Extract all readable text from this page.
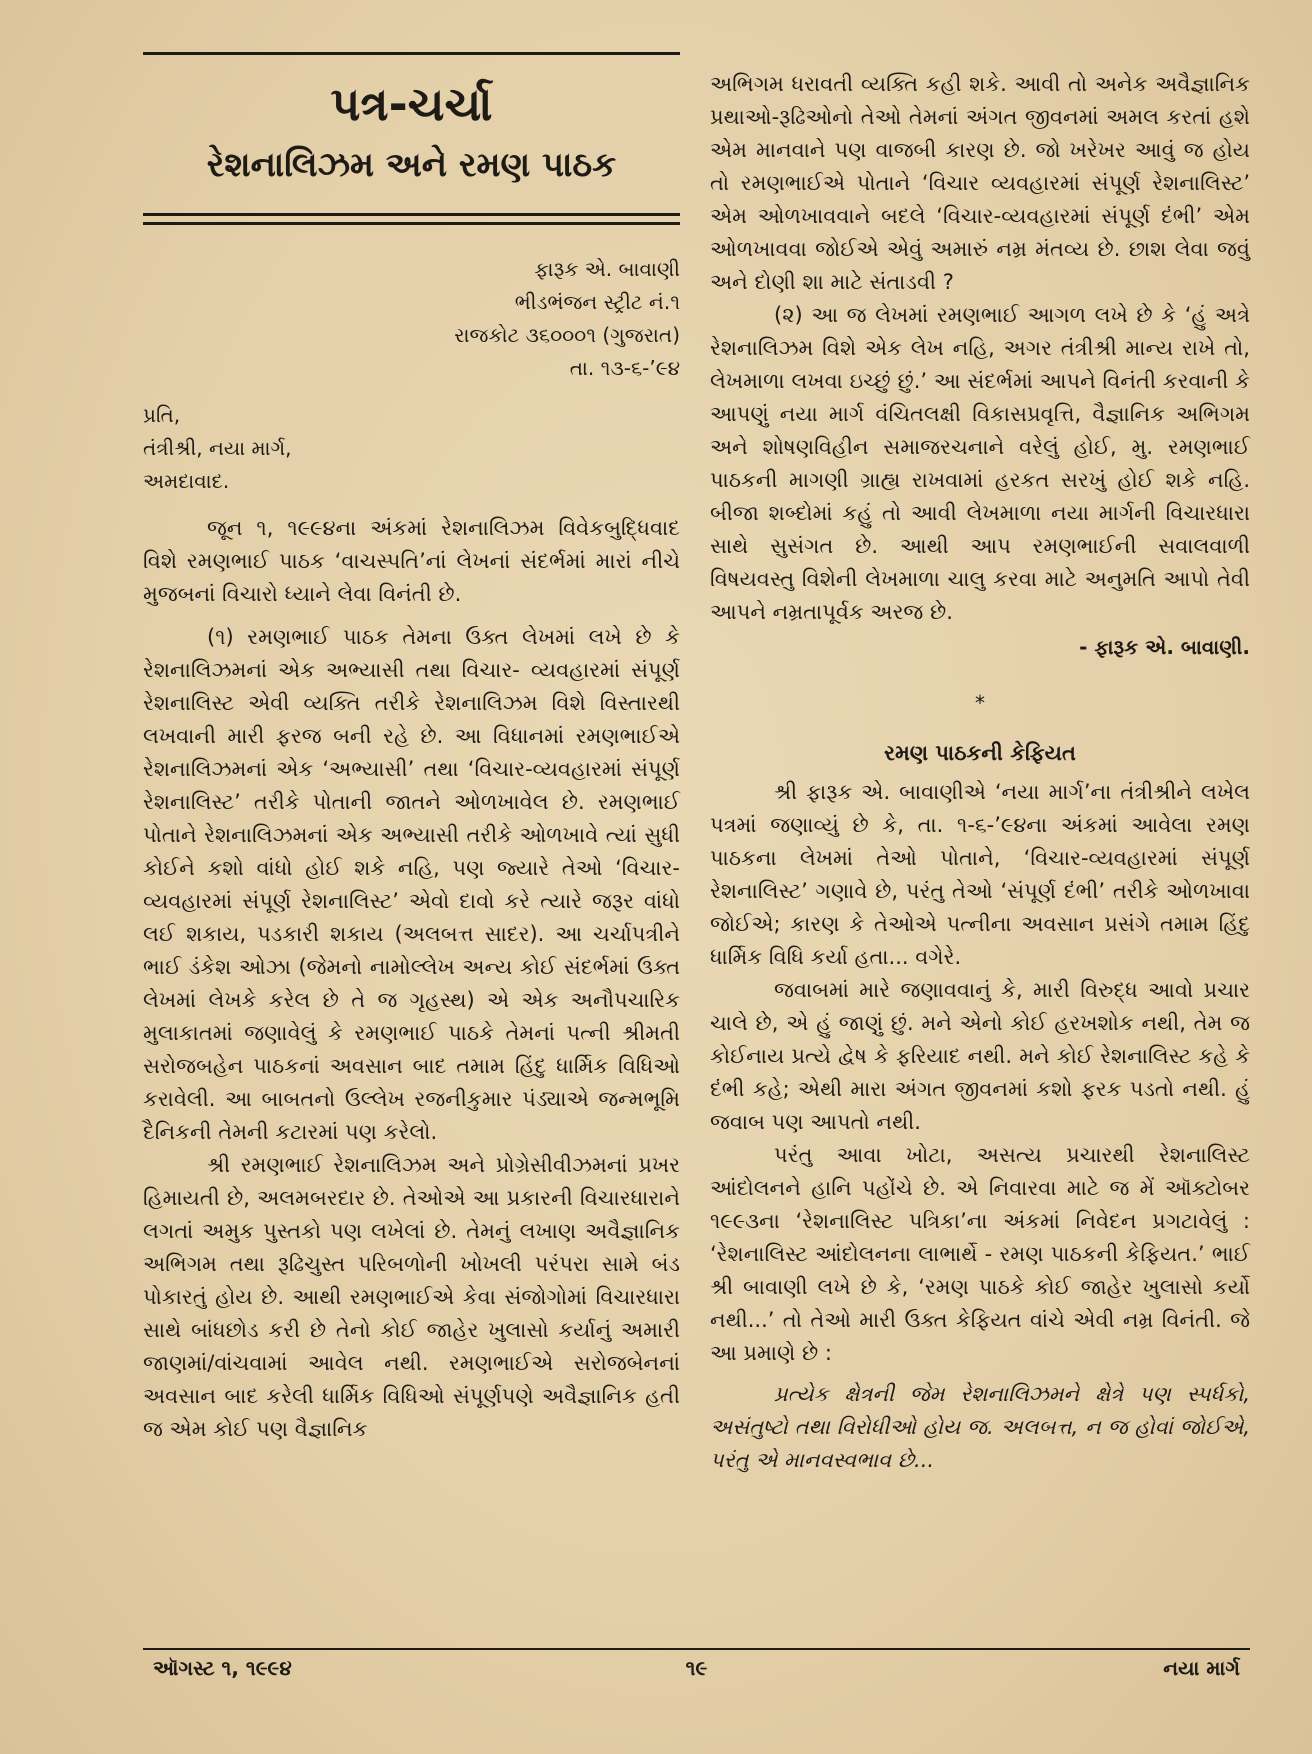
પત્ર-ચર્ચા
રેશનાલિઝમ અને રમણ પાઠક
ફારૂક એ. બાવાણી
ભીડભંજન સ્ટ્રીટ નં.૧
રાજકોટ ૩૬૦૦૦૧ (ગુજરાત)
તા. ૧૩-૬-’૯૪
પ્રતિ,
તંત્રીશ્રી, નયા માર્ગ,
અમદાવાદ.

જૂન ૧, ૧૯૯૪ના અંકમાં રેશનાલિઝમ વિવેકબુદ્ધિવાદ વિશે રમણભાઈ પાઠક ‘વાચસ્પતિ’નાં લેખનાં સંદર્ભમાં મારાં નીચે મુજબનાં વિચારો ધ્યાને લેવા વિનંતી છે.

(૧) રમણભાઈ પાઠક તેમના ઉક્ત લેખમાં લખે છે કે રેશનાલિઝમનાં એક અભ્યાસી તથા વિચાર- વ્યવહારમાં સંપૂર્ણ રેશનાલિસ્ટ એવી વ્યક્તિ તરીકે રેશનાલિઝમ વિશે વિસ્તારથી લખવાની મારી ફરજ બની રહે છે. આ વિધાનમાં રમણભાઈએ રેશનાલિઝમનાં એક ‘અભ્યાસી’ તથા ‘વિચાર-વ્યવહારમાં સંપૂર્ણ રેશનાલિસ્ટ’ તરીકે પોતાની જાતને ઓળખાવેલ છે. રમણભાઈ પોતાને રેશનાલિઝમનાં એક અભ્યાસી તરીકે ઓળખાવે ત્યાં સુધી કોઈને કશો વાંધો હોઈ શકે નહિ, પણ જ્યારે તેઓ ‘વિચાર-વ્યવહારમાં સંપૂર્ણ રેશનાલિસ્ટ’ એવો દાવો કરે ત્યારે જરૂર વાંધો લઈ શકાય, પડકારી શકાય (અલબત્ત સાદર). આ ચર્ચાપત્રીને ભાઈ ડંકેશ ઓઝા (જેમનો નામોલ્લેખ અન્ય કોઈ સંદર્ભમાં ઉક્ત લેખમાં લેખકે કરેલ છે તે જ ગૃહસ્થ) એ એક અનૌપચારિક મુલાકાતમાં જણાવેલું કે રમણભાઈ પાઠકે તેમનાં પત્ની શ્રીમતી સરોજબહેન પાઠકનાં અવસાન બાદ તમામ હિંદુ ધાર્મિક વિધિઓ કરાવેલી. આ બાબતનો ઉલ્લેખ રજનીકુમાર પંડ્યાએ જન્મભૂમિ દૈનિકની તેમની કટારમાં પણ કરેલો.

શ્રી રમણભાઈ રેશનાલિઝમ અને પ્રોગ્રેસીવીઝમનાં પ્રખર હિમાયતી છે, અલમબરદાર છે. તેઓએ આ પ્રકારની વિચારધારાને લગતાં અમુક પુસ્તકો પણ લખેલાં છે. તેમનું લખાણ અવૈજ્ઞાનિક અભિગમ તથા રૂઢિચુસ્ત પરિબળોની ખોખલી પરંપરા સામે બંડ પોકારતું હોય છે. આથી રમણભાઈએ કેવા સંજોગોમાં વિચારધારા સાથે બાંધછોડ કરી છે તેનો કોઈ જાહેર ખુલાસો કર્યાનું અમારી જાણમાં/વાંચવામાં આવેલ નથી. રમણભાઈએ સરોજબેનનાં અવસાન બાદ કરેલી ધાર્મિક વિધિઓ સંપૂર્ણપણે અવૈજ્ઞાનિક હતી જ એમ કોઈ પણ વૈજ્ઞાનિક

અભિગમ ધરાવતી વ્યક્તિ કહી શકે. આવી તો અનેક અવૈજ્ઞાનિક પ્રથાઓ-રૂઢિઓનો તેઓ તેમનાં અંગત જીવનમાં અમલ કરતાં હશે એમ માનવાને પણ વાજબી કારણ છે. જો ખરેખર આવું જ હોય તો રમણભાઈએ પોતાને ‘વિચાર વ્યવહારમાં સંપૂર્ણ રેશનાલિસ્ટ’ એમ ઓળખાવવાને બદલે ‘વિચાર-વ્યવહારમાં સંપૂર્ણ દંભી’ એમ ઓળખાવવા જોઈએ એવું અમારું નમ્ર મંતવ્ય છે. છાશ લેવા જવું અને દોણી શા માટે સંતાડવી ?

(૨) આ જ લેખમાં રમણભાઈ આગળ લખે છે કે ‘હું અત્રે રેશનાલિઝમ વિશે એક લેખ નહિ, અગર તંત્રીશ્રી માન્ય રાખે તો, લેખમાળા લખવા ઇચ્છું છું.’ આ સંદર્ભમાં આપને વિનંતી કરવાની કે આપણું નયા માર્ગ વંચિતલક્ષી વિકાસપ્રવૃત્તિ, વૈજ્ઞાનિક અભિગમ અને શોષણવિહીન સમાજરચનાને વરેલું હોઈ, મુ. રમણભાઈ પાઠકની માગણી ગ્રાહ્ય રાખવામાં હરકત સરખું હોઈ શકે નહિ. બીજા શબ્દોમાં કહું તો આવી લેખમાળા નયા માર્ગની વિચારધારા સાથે સુસંગત છે. આથી આપ રમણભાઈની સવાલવાળી વિષયવસ્તુ વિશેની લેખમાળા ચાલુ કરવા માટે અનુમતિ આપો તેવી આપને નમ્રતાપૂર્વક અરજ છે.

- ફારૂક એ. બાવાણી.
*
રમણ પાઠકની કેફિયત

શ્રી ફારૂક એ. બાવાણીએ ‘નયા માર્ગ’ના તંત્રીશ્રીને લખેલ પત્રમાં જણાવ્યું છે કે, તા. ૧-૬-’૯૪ના અંકમાં આવેલા રમણ પાઠકના લેખમાં તેઓ પોતાને, ‘વિચાર-વ્યવહારમાં સંપૂર્ણ રેશનાલિસ્ટ’ ગણાવે છે, પરંતુ તેઓ ‘સંપૂર્ણ દંભી’ તરીકે ઓળખાવા જોઈએ; કારણ કે તેઓએ પત્નીના અવસાન પ્રસંગે તમામ હિંદુ ધાર્મિક વિધિ કર્યા હતા... વગેરે.

જવાબમાં મારે જણાવવાનું કે, મારી વિરુદ્ધ આવો પ્રચાર ચાલે છે, એ હું જાણું છું. મને એનો કોઈ હરખશોક નથી, તેમ જ કોઈનાય પ્રત્યે દ્વેષ કે ફરિયાદ નથી. મને કોઈ રેશનાલિસ્ટ કહે કે દંભી કહે; એથી મારા અંગત જીવનમાં કશો ફરક પડતો નથી. હું જવાબ પણ આપતો નથી.

પરંતુ આવા ખોટા, અસત્ય પ્રચારથી રેશનાલિસ્ટ આંદોલનને હાનિ પહોંચે છે. એ નિવારવા માટે જ મેં ઑક્ટોબર ૧૯૯૩ના ‘રેશનાલિસ્ટ પત્રિકા’ના અંકમાં નિવેદન પ્રગટાવેલું : ‘રેશનાલિસ્ટ આંદોલનના લાભાર્થે - રમણ પાઠકની કેફિયત.’ ભાઈ શ્રી બાવાણી લખે છે કે, ‘રમણ પાઠકે કોઈ જાહેર ખુલાસો કર્યો નથી...’ તો તેઓ મારી ઉક્ત કેફિયત વાંચે એવી નમ્ર વિનંતી. જે આ પ્રમાણે છે :

પ્રત્યેક ક્ષેત્રની જેમ રેશનાલિઝમને ક્ષેત્રે પણ સ્પર્ધકો, અસંતુષ્ટો તથા વિરોધીઓ હોય જ. અલબત્ત, ન જ હોવાં જોઈએ, પરંતુ એ માનવસ્વભાવ છે...

૧૯
ઑગસ્ટ ૧, ૧૯૯૪	નયા માર્ગ
